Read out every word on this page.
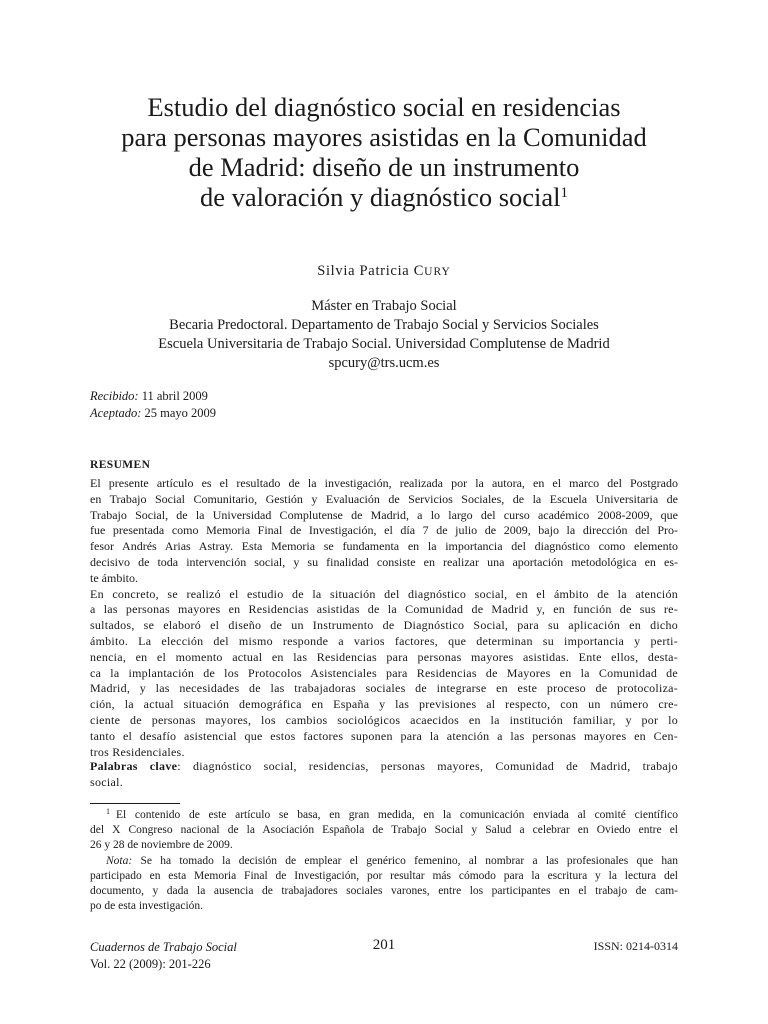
Estudio del diagnóstico social en residencias
para personas mayores asistidas en la Comunidad
de Madrid: diseño de un instrumento
de valoración y diagnóstico social$^1$
Silvia Patricia CURY
Máster en Trabajo Social
Becaria Predoctoral. Departamento de Trabajo Social y Servicios Sociales
Escuela Universitaria de Trabajo Social. Universidad Complutense de Madrid
spcury@trs.ucm.es
Recibido: 11 abril 2009
Aceptado: 25 mayo 2009
RESUMEN

El presente artículo es el resultado de la investigación, realizada por la autora, en el marco del Postgrado
en Trabajo Social Comunitario, Gestión y Evaluación de Servicios Sociales, de la Escuela Universitaria de
Trabajo Social, de la Universidad Complutense de Madrid, a lo largo del curso académico 2008-2009, que
fue presentada como Memoria Final de Investigación, el día 7 de julio de 2009, bajo la dirección del Pro-
fesor Andrés Arias Astray. Esta Memoria se fundamenta en la importancia del diagnóstico como elemento
decisivo de toda intervención social, y su finalidad consiste en realizar una aportación metodológica en es-
te ámbito.

En concreto, se realizó el estudio de la situación del diagnóstico social, en el ámbito de la atención
a las personas mayores en Residencias asistidas de la Comunidad de Madrid y, en función de sus re-
sultados, se elaboró el diseño de un Instrumento de Diagnóstico Social, para su aplicación en dicho
ámbito. La elección del mismo responde a varios factores, que determinan su importancia y perti-
nencia, en el momento actual en las Residencias para personas mayores asistidas. Ente ellos, desta-
ca la implantación de los Protocolos Asistenciales para Residencias de Mayores en la Comunidad de
Madrid, y las necesidades de las trabajadoras sociales de integrarse en este proceso de protocoliza-
ción, la actual situación demográfica en España y las previsiones al respecto, con un número cre-
ciente de personas mayores, los cambios sociológicos acaecidos en la institución familiar, y por lo
tanto el desafío asistencial que estos factores suponen para la atención a las personas mayores en Cen-
tros Residenciales.

Palabras clave: diagnóstico social, residencias, personas mayores, Comunidad de Madrid, trabajo
social.
$^1$ El contenido de este artículo se basa, en gran medida, en la comunicación enviada al comité científico
del X Congreso nacional de la Asociación Española de Trabajo Social y Salud a celebrar en Oviedo entre el
26 y 28 de noviembre de 2009.
Nota: Se ha tomado la decisión de emplear el genérico femenino, al nombrar a las profesionales que han
participado en esta Memoria Final de Investigación, por resultar más cómodo para la escritura y la lectura del
documento, y dada la ausencia de trabajadores sociales varones, entre los participantes en el trabajo de cam-
po de esta investigación.
Cuadernos de Trabajo Social
Vol. 22 (2009): 201-226
201	ISSN: 0214-0314
